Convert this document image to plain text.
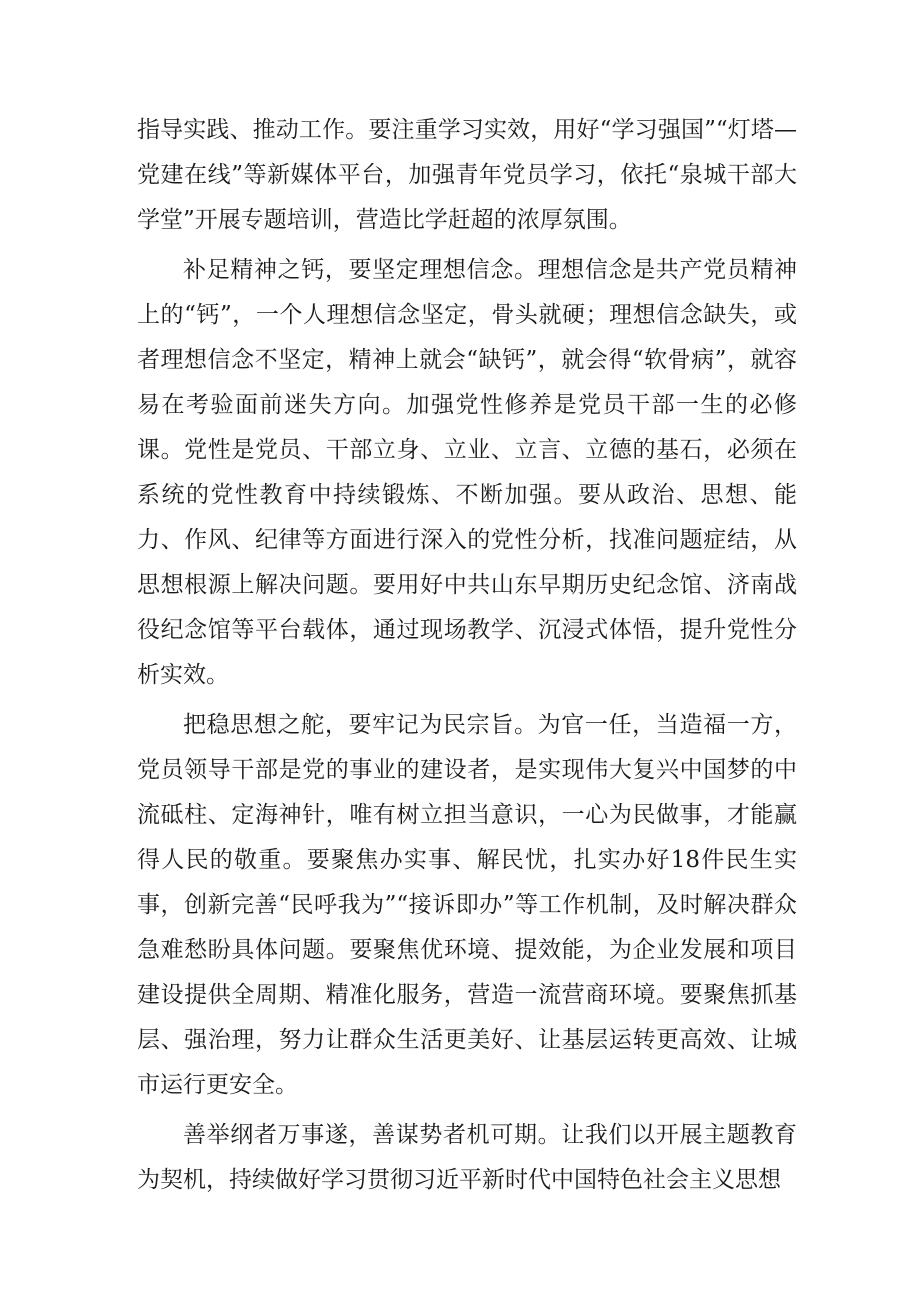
指导实践、推动工作。要注重学习实效，用好“学习强国”“灯塔—党建在线”等新媒体平台，加强青年党员学习，依托“泉城干部大学堂”开展专题培训，营造比学赶超的浓厚氛围。

补足精神之钙，要坚定理想信念。理想信念是共产党员精神上的“钙”，一个人理想信念坚定，骨头就硬；理想信念缺失，或者理想信念不坚定，精神上就会“缺钙”，就会得“软骨病”，就容易在考验面前迷失方向。加强党性修养是党员干部一生的必修课。党性是党员、干部立身、立业、立言、立德的基石，必须在系统的党性教育中持续锻炼、不断加强。要从政治、思想、能力、作风、纪律等方面进行深入的党性分析，找准问题症结，从思想根源上解决问题。要用好中共山东早期历史纪念馆、济南战役纪念馆等平台载体，通过现场教学、沉浸式体悟，提升党性分析实效。

把稳思想之舵，要牢记为民宗旨。为官一任，当造福一方，党员领导干部是党的事业的建设者，是实现伟大复兴中国梦的中流砥柱、定海神针，唯有树立担当意识，一心为民做事，才能赢得人民的敬重。要聚焦办实事、解民忧，扎实办好18件民生实事，创新完善“民呼我为”“接诉即办”等工作机制，及时解决群众急难愁盼具体问题。要聚焦优环境、提效能，为企业发展和项目建设提供全周期、精准化服务，营造一流营商环境。要聚焦抓基层、强治理，努力让群众生活更美好、让基层运转更高效、让城市运行更安全。

善举纲者万事遂，善谋势者机可期。让我们以开展主题教育为契机，持续做好学习贯彻习近平新时代中国特色社会主义思想
